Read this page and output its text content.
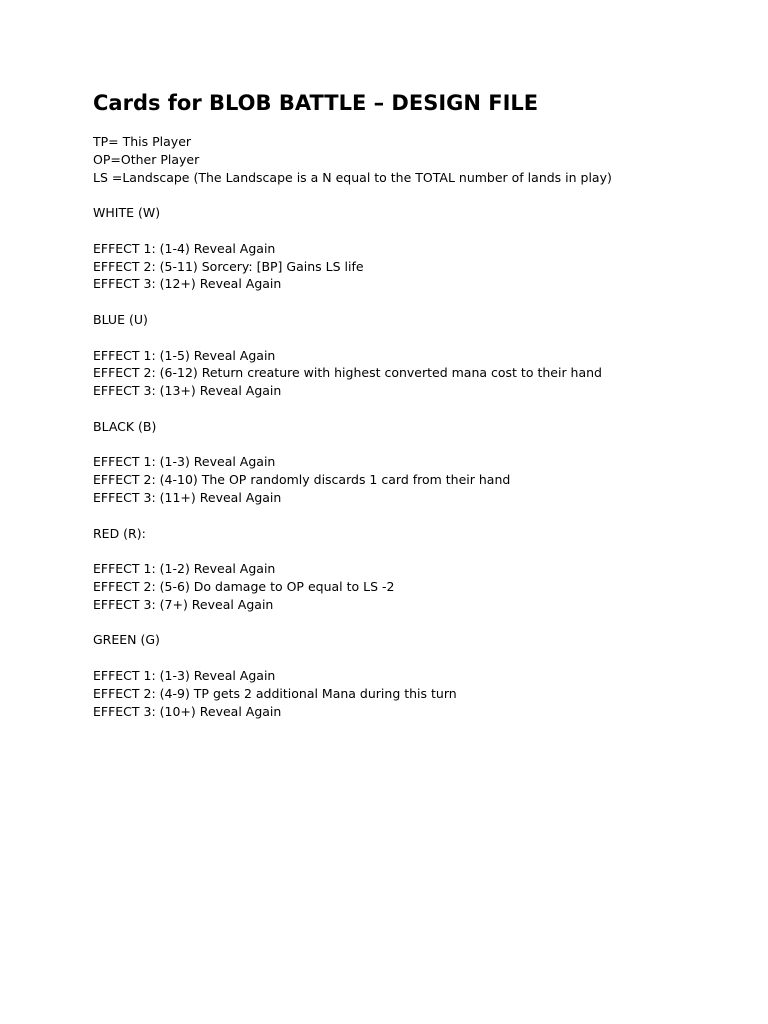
Cards for BLOB BATTLE – DESIGN FILE
TP= This Player
OP=Other Player
LS =Landscape (The Landscape is a N equal to the TOTAL number of lands in play)
WHITE (W)
EFFECT 1: (1-4) Reveal Again
EFFECT 2: (5-11) Sorcery: [BP] Gains LS life
EFFECT 3: (12+) Reveal Again
BLUE (U)
EFFECT 1: (1-5) Reveal Again
EFFECT 2: (6-12) Return creature with highest converted mana cost to their hand
EFFECT 3: (13+) Reveal Again
BLACK (B)
EFFECT 1: (1-3) Reveal Again
EFFECT 2: (4-10) The OP randomly discards 1 card from their hand
EFFECT 3: (11+) Reveal Again
RED (R):
EFFECT 1: (1-2) Reveal Again
EFFECT 2: (5-6) Do damage to OP equal to LS -2
EFFECT 3: (7+) Reveal Again
GREEN (G)
EFFECT 1: (1-3) Reveal Again
EFFECT 2: (4-9) TP gets 2 additional Mana during this turn
EFFECT 3: (10+) Reveal Again
